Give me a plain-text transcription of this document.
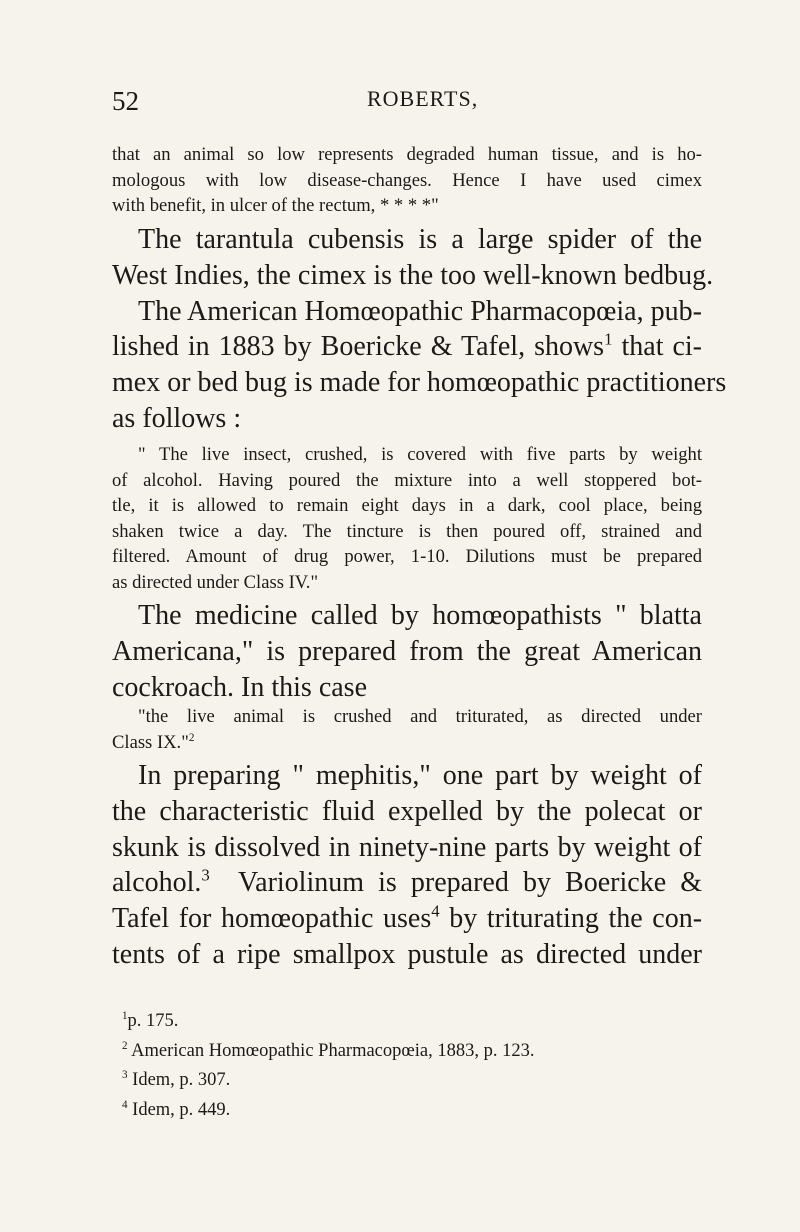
52	ROBERTS,
that an animal so low represents degraded human tissue, and is ho-
mologous with low disease-changes. Hence I have used cimex
with benefit, in ulcer of the rectum, * * * *"
The tarantula cubensis is a large spider of the
West Indies, the cimex is the too well-known bedbug.
The American Homœopathic Pharmacopœia, pub-
lished in 1883 by Boericke & Tafel, shows$^1$ that ci-
mex or bed bug is made for homœopathic practitioners
as follows :
" The live insect, crushed, is covered with five parts by weight
of alcohol. Having poured the mixture into a well stoppered bot-
tle, it is allowed to remain eight days in a dark, cool place, being
shaken twice a day. The tincture is then poured off, strained and
filtered. Amount of drug power, 1-10. Dilutions must be prepared
as directed under Class IV."
The medicine called by homœopathists " blatta
Americana," is prepared from the great American
cockroach. In this case
"the live animal is crushed and triturated, as directed under
Class IX."$^2$
In preparing " mephitis," one part by weight of
the characteristic fluid expelled by the polecat or
skunk is dissolved in ninety-nine parts by weight of
alcohol.$^3$ Variolinum is prepared by Boericke &
Tafel for homœopathic uses$^4$ by triturating the con-
tents of a ripe smallpox pustule as directed under
$^1$p. 175.
$^2$ American Homœopathic Pharmacopœia, 1883, p. 123.
$^3$ Idem, p. 307.
$^4$ Idem, p. 449.
